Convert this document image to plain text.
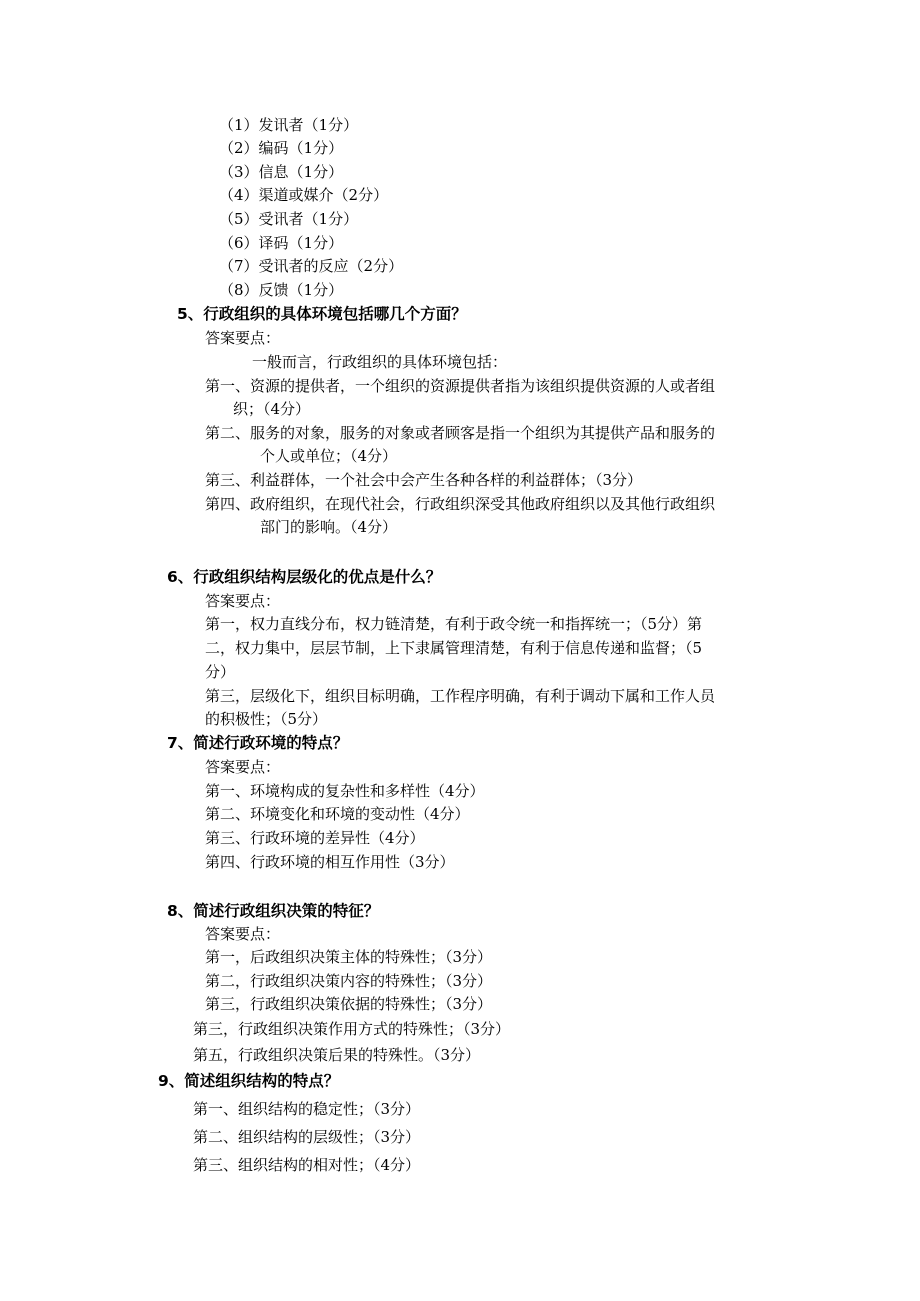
（1）发讯者（1分）
（2）编码（1分）
（3）信息（1分）
（4）渠道或媒介（2分）
（5）受讯者（1分）
（6）译码（1分）
（7）受讯者的反应（2分）
（8）反馈（1分）
5、行政组织的具体环境包括哪几个方面？
答案要点：
一般而言，行政组织的具体环境包括：
第一、资源的提供者，一个组织的资源提供者指为该组织提供资源的人或者组
织；（4分）
第二、服务的对象，服务的对象或者顾客是指一个组织为其提供产品和服务的
个人或单位；（4分）
第三、利益群体，一个社会中会产生各种各样的利益群体；（3分）
第四、政府组织，在现代社会，行政组织深受其他政府组织以及其他行政组织
部门的影响。（4分）
6、行政组织结构层级化的优点是什么？
答案要点：
第一，权力直线分布，权力链清楚，有利于政令统一和指挥统一；（5分）第
二，权力集中，层层节制，上下隶属管理清楚，有利于信息传递和监督；（5
分）
第三，层级化下，组织目标明确，工作程序明确，有利于调动下属和工作人员
的积极性；（5分）
7、简述行政环境的特点？
答案要点：
第一、环境构成的复杂性和多样性（4分）
第二、环境变化和环境的变动性（4分）
第三、行政环境的差异性（4分）
第四、行政环境的相互作用性（3分）
8、简述行政组织决策的特征？
答案要点：
第一，后政组织决策主体的特殊性；（3分）
第二，行政组织决策内容的特殊性；（3分）
第三，行政组织决策依据的特殊性；（3分）
第三，行政组织决策作用方式的特殊性；（3分）
第五，行政组织决策后果的特殊性。（3分）
9、简述组织结构的特点？
第一、组织结构的稳定性；（3分）
第二、组织结构的层级性；（3分）
第三、组织结构的相对性；（4分）
